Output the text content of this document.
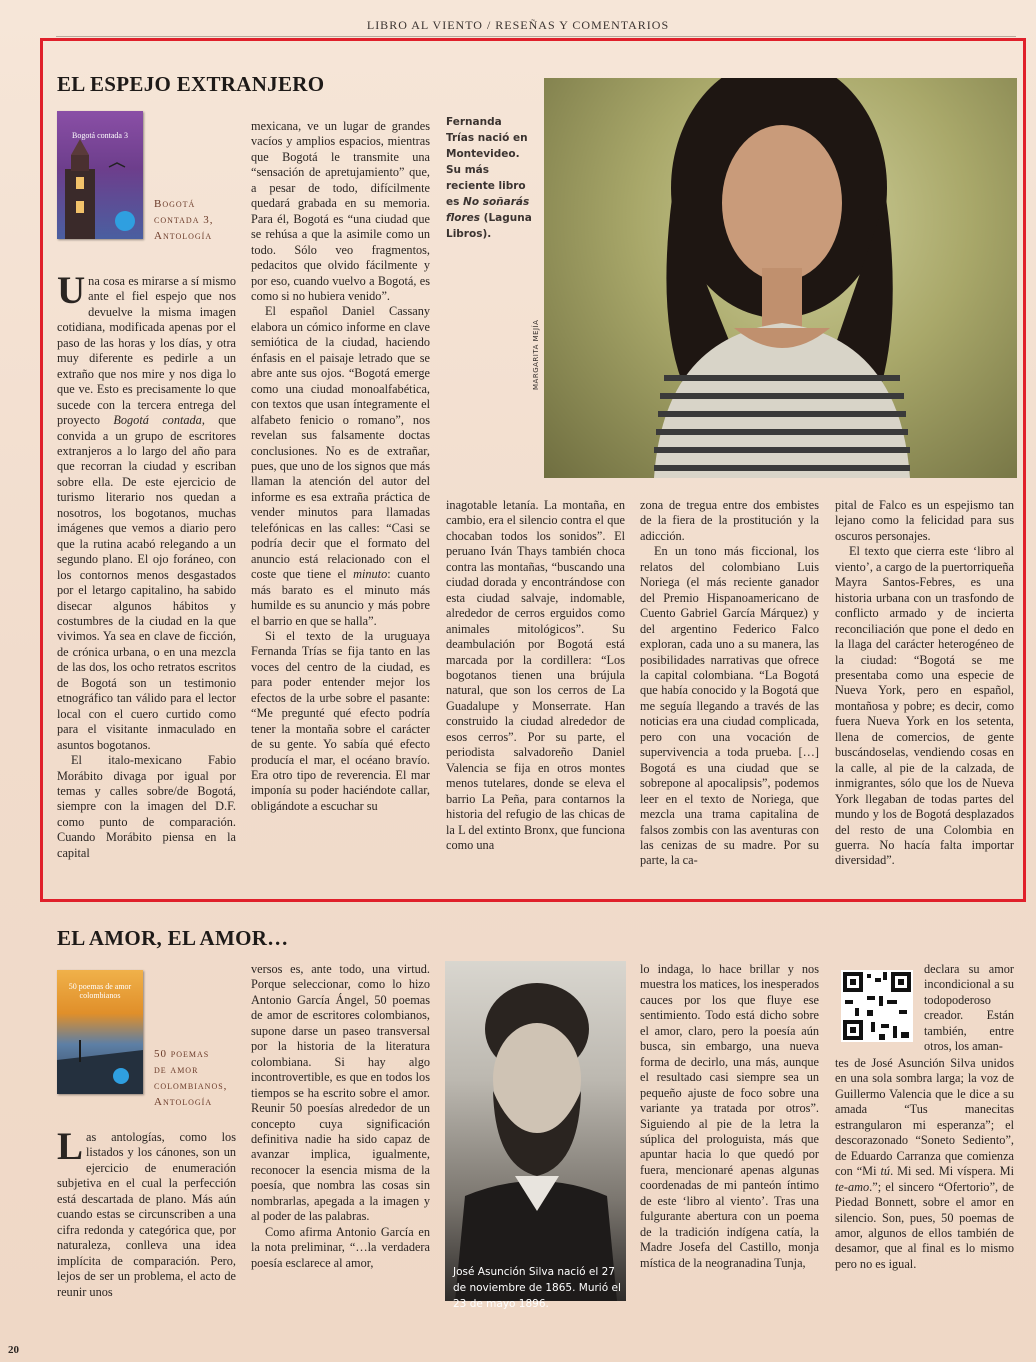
LIBRO AL VIENTO / RESEÑAS Y COMENTARIOS
EL ESPEJO EXTRANJERO
Bogotá contada 3
Bogotá
contada 3,
Antología

Una cosa es mirarse a sí mismo ante el fiel espejo que nos devuelve la misma imagen cotidiana, modificada apenas por el paso de las horas y los días, y otra muy diferente es pedirle a un extraño que nos mire y nos diga lo que ve. Esto es precisamente lo que sucede con la tercera entrega del proyecto Bogotá contada, que convida a un grupo de escritores extranjeros a lo largo del año para que recorran la ciudad y escriban sobre ella. De este ejercicio de turismo literario nos quedan a nosotros, los bogotanos, muchas imágenes que vemos a diario pero que la rutina acabó relegando a un segundo plano. El ojo foráneo, con los contornos menos desgastados por el letargo capitalino, ha sabido disecar algunos hábitos y costumbres de la ciudad en la que vivimos. Ya sea en clave de ficción, de crónica urbana, o en una mezcla de las dos, los ocho retratos escritos de Bogotá son un testimonio etnográfico tan válido para el lector local con el cuero curtido como para el visitante inmaculado en asuntos bogotanos.

El italo-mexicano Fabio Morábito divaga por igual por temas y calles sobre/de Bogotá, siempre con la imagen del D.F. como punto de comparación. Cuando Morábito piensa en la capital

mexicana, ve un lugar de grandes vacíos y amplios espacios, mientras que Bogotá le transmite una “sensación de apretujamiento” que, a pesar de todo, difícilmente quedará grabada en su memoria. Para él, Bogotá es “una ciudad que se rehúsa a que la asimile como un todo. Sólo veo fragmentos, pedacitos que olvido fácilmente y por eso, cuando vuelvo a Bogotá, es como si no hubiera venido”.

El español Daniel Cassany elabora un cómico informe en clave semiótica de la ciudad, haciendo énfasis en el paisaje letrado que se abre ante sus ojos. “Bogotá emerge como una ciudad monoalfabética, con textos que usan íntegramente el alfabeto fenicio o romano”, nos revelan sus falsamente doctas conclusiones. No es de extrañar, pues, que uno de los signos que más llaman la atención del autor del informe es esa extraña práctica de vender minutos para llamadas telefónicas en las calles: “Casi se podría decir que el formato del anuncio está relacionado con el coste que tiene el minuto: cuanto más barato es el minuto más humilde es su anuncio y más pobre el barrio en que se halla”.

Si el texto de la uruguaya Fernanda Trías se fija tanto en las voces del centro de la ciudad, es para poder entender mejor los efectos de la urbe sobre el pasante: “Me pregunté qué efecto podría tener la montaña sobre el carácter de su gente. Yo sabía qué efecto producía el mar, el océano bravío. Era otro tipo de reverencia. El mar imponía su poder haciéndote callar, obligándote a escuchar su

Fernanda
Trías nació en
Montevideo.
Su más
reciente libro
es No soñarás
flores (Laguna
Libros).
MARGARITA MEJÍA

inagotable letanía. La montaña, en cambio, era el silencio contra el que chocaban todos los sonidos”. El peruano Iván Thays también choca contra las montañas, “buscando una ciudad dorada y encontrándose con esta ciudad salvaje, indomable, alrededor de cerros erguidos como animales mitológicos”. Su deambulación por Bogotá está marcada por la cordillera: “Los bogotanos tienen una brújula natural, que son los cerros de La Guadalupe y Monserrate. Han construido la ciudad alrededor de esos cerros”. Por su parte, el periodista salvadoreño Daniel Valencia se fija en otros montes menos tutelares, donde se eleva el barrio La Peña, para contarnos la historia del refugio de las chicas de la L del extinto Bronx, que funciona como una

zona de tregua entre dos embistes de la fiera de la prostitución y la adicción.

En un tono más ficcional, los relatos del colombiano Luis Noriega (el más reciente ganador del Premio Hispanoamericano de Cuento Gabriel García Márquez) y del argentino Federico Falco exploran, cada uno a su manera, las posibilidades narrativas que ofrece la capital colombiana. “La Bogotá que había conocido y la Bogotá que me seguía llegando a través de las noticias era una ciudad complicada, pero con una vocación de supervivencia a toda prueba. […] Bogotá es una ciudad que se sobrepone al apocalipsis”, podemos leer en el texto de Noriega, que mezcla una trama capitalina de falsos zombis con las aventuras con las cenizas de su madre. Por su parte, la ca-

pital de Falco es un espejismo tan lejano como la felicidad para sus oscuros personajes.

El texto que cierra este ‘libro al viento’, a cargo de la puertorriqueña Mayra Santos-Febres, es una historia urbana con un trasfondo de conflicto armado y de incierta reconciliación que pone el dedo en la llaga del carácter heterogéneo de la ciudad: “Bogotá se me presentaba como una especie de Nueva York, pero en español, montañosa y pobre; es decir, como fuera Nueva York en los setenta, llena de comercios, de gente buscándoselas, vendiendo cosas en la calle, al pie de la calzada, de inmigrantes, sólo que los de Nueva York llegaban de todas partes del mundo y los de Bogotá desplazados del resto de una Colombia en guerra. No hacía falta importar diversidad”.

EL AMOR, EL AMOR…
50 poemas de amor colombianos
50 poemas
de amor
colombianos,
Antología

Las antologías, como los listados y los cánones, son un ejercicio de enumeración subjetiva en el cual la perfección está descartada de plano. Más aún cuando estas se circunscriben a una cifra redonda y categórica que, por naturaleza, conlleva una idea implícita de comparación. Pero, lejos de ser un problema, el acto de reunir unos

versos es, ante todo, una virtud. Porque seleccionar, como lo hizo Antonio García Ángel, 50 poemas de amor de escritores colombianos, supone darse un paseo transversal por la historia de la literatura colombiana. Si hay algo incontrovertible, es que en todos los tiempos se ha escrito sobre el amor. Reunir 50 poesías alrededor de un concepto cuya significación definitiva nadie ha sido capaz de avanzar implica, igualmente, reconocer la esencia misma de la poesía, que nombra las cosas sin nombrarlas, apegada a la imagen y al poder de las palabras.

Como afirma Antonio García en la nota preliminar, “…la verdadera poesía esclarece al amor,

José Asunción Silva nació el 27 de noviembre de 1865. Murió el 23 de mayo 1896.

lo indaga, lo hace brillar y nos muestra los matices, los inesperados cauces por los que fluye ese sentimiento. Todo está dicho sobre el amor, claro, pero la poesía aún busca, sin embargo, una nueva forma de decirlo, una más, aunque el resultado casi siempre sea un pequeño ajuste de foco sobre una variante ya tratada por otros”. Siguiendo al pie de la letra la súplica del prologuista, más que apuntar hacia lo que quedó por fuera, mencionaré apenas algunas coordenadas de mi panteón íntimo de este ‘libro al viento’. Tras una fulgurante abertura con un poema de la tradición indígena catía, la Madre Josefa del Castillo, monja mística de la neogranadina Tunja,

declara su amor incondicional a su todopoderoso creador. Están también, entre otros, los aman-

tes de José Asunción Silva unidos en una sola sombra larga; la voz de Guillermo Valencia que le dice a su amada “Tus manecitas estrangularon mi esperanza”; el descorazonado “Soneto Sediento”, de Eduardo Carranza que comienza con “Mi tú. Mi sed. Mi víspera. Mi te-amo.”; el sincero “Ofertorio”, de Piedad Bonnett, sobre el amor en silencio. Son, pues, 50 poemas de amor, algunos de ellos también de desamor, que al final es lo mismo pero no es igual.

20
